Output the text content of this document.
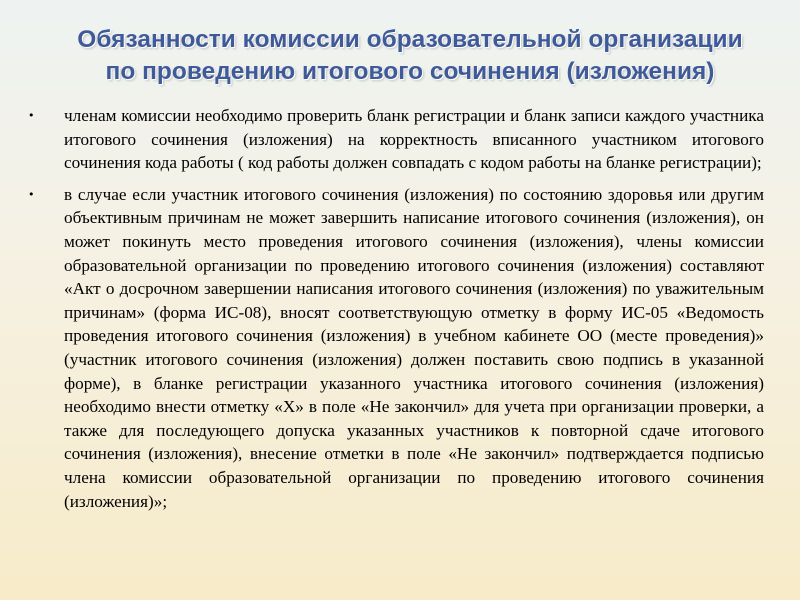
Обязанности комиссии образовательной организации
по проведению итогового сочинения (изложения)
• членам комиссии необходимо проверить бланк регистрации и бланк записи каждого участника итогового сочинения (изложения) на корректность вписанного участником итогового сочинения кода работы ( код работы должен совпадать с кодом работы на бланке регистрации);
• в случае если участник итогового сочинения (изложения) по состоянию здоровья или другим объективным причинам не может завершить написание итогового сочинения (изложения), он может покинуть место проведения итогового сочинения (изложения), члены комиссии образовательной организации по проведению итогового сочинения (изложения) составляют «Акт о досрочном завершении написания итогового сочинения (изложения) по уважительным причинам» (форма ИС-08), вносят соответствующую отметку в форму ИС-05 «Ведомость проведения итогового сочинения (изложения) в учебном кабинете ОО (месте проведения)» (участник итогового сочинения (изложения) должен поставить свою подпись в указанной форме), в бланке регистрации указанного участника итогового сочинения (изложения) необходимо внести отметку «X» в поле «Не закончил» для учета при организации проверки, а также для последующего допуска указанных участников к повторной сдаче итогового сочинения (изложения), внесение отметки в поле «Не закончил» подтверждается подписью члена комиссии образовательной организации по проведению итогового сочинения (изложения)»;
